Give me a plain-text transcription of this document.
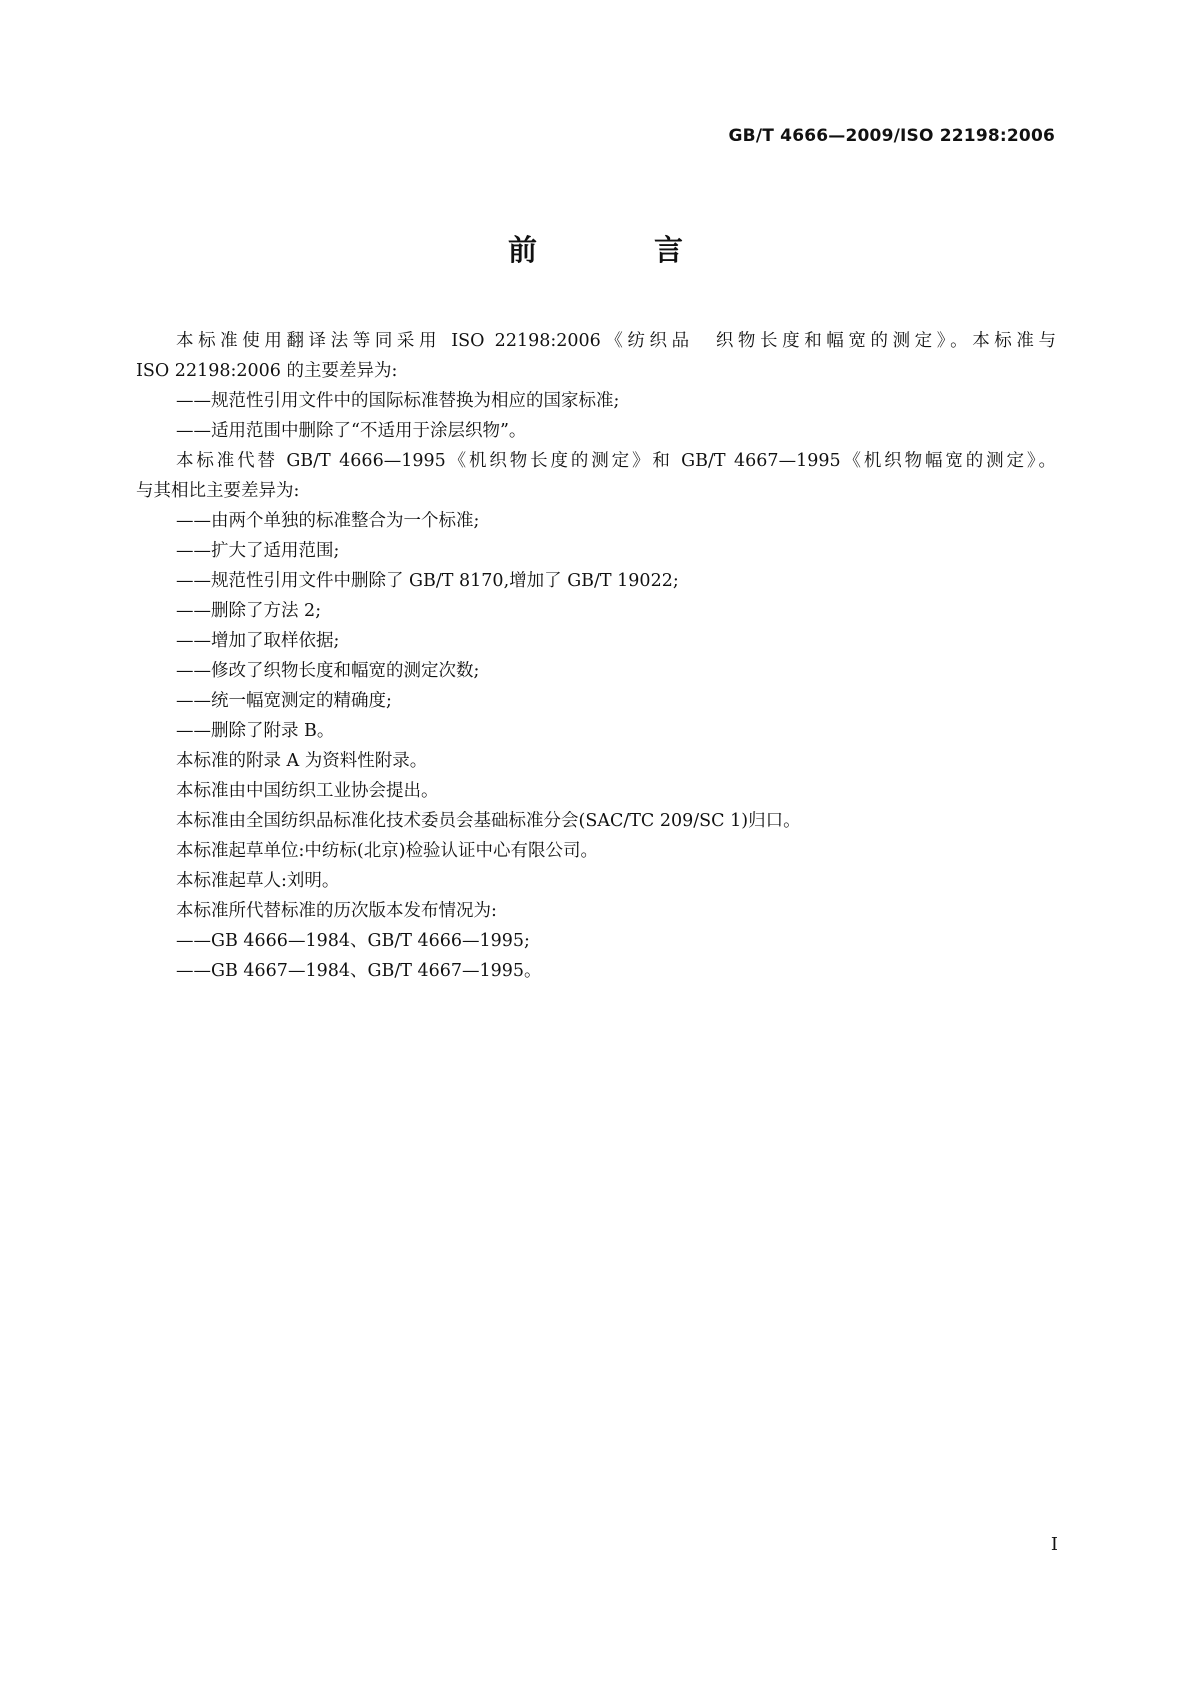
GB/T 4666—2009/ISO 22198:2006
前　言
本标准使用翻译法等同采用 ISO 22198:2006《纺织品　织物长度和幅宽的测定》。本标准与
ISO 22198:2006 的主要差异为:
——规范性引用文件中的国际标准替换为相应的国家标准;
——适用范围中删除了“不适用于涂层织物”。
本标准代替 GB/T 4666—1995《机织物长度的测定》和 GB/T 4667—1995《机织物幅宽的测定》。
与其相比主要差异为:
——由两个单独的标准整合为一个标准;
——扩大了适用范围;
——规范性引用文件中删除了 GB/T 8170,增加了 GB/T 19022;
——删除了方法 2;
——增加了取样依据;
——修改了织物长度和幅宽的测定次数;
——统一幅宽测定的精确度;
——删除了附录 B。
本标准的附录 A 为资料性附录。
本标准由中国纺织工业协会提出。
本标准由全国纺织品标准化技术委员会基础标准分会(SAC/TC 209/SC 1)归口。
本标准起草单位:中纺标(北京)检验认证中心有限公司。
本标准起草人:刘明。
本标准所代替标准的历次版本发布情况为:
——GB 4666—1984、GB/T 4666—1995;
——GB 4667—1984、GB/T 4667—1995。
I
